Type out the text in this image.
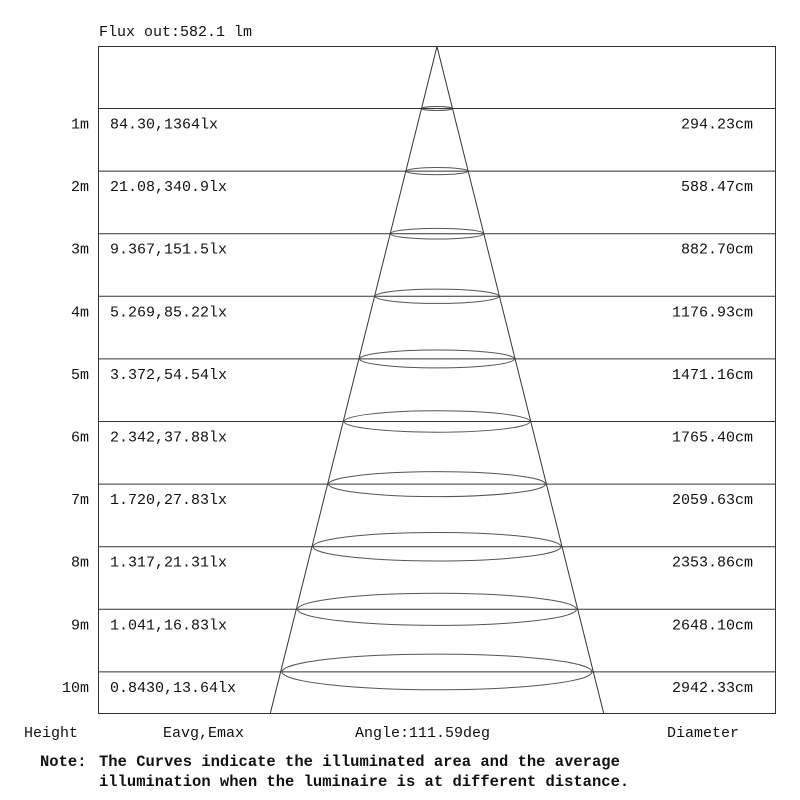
Flux out:582.1 lm
1m 84.30,1364lx	294.23cm
2m 21.08,340.9lx	588.47cm
3m 9.367,151.5lx	882.70cm
4m 5.269,85.22lx	1176.93cm
5m 3.372,54.54lx	1471.16cm
6m 2.342,37.88lx	1765.40cm
7m 1.720,27.83lx	2059.63cm
8m 1.317,21.31lx	2353.86cm
9m 1.041,16.83lx	2648.10cm
10m 0.8430,13.64lx	2942.33cm
Height	Eavg,Emax	Angle:111.59deg	Diameter
Note: The Curves indicate the illuminated area and the average
illumination when the luminaire is at different distance.
